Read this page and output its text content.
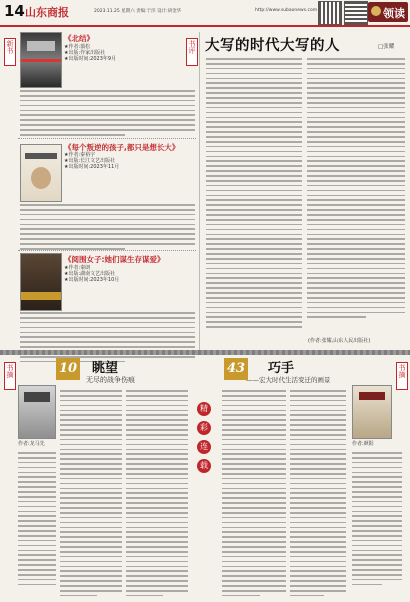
14 山东商报	2023.11.25 星期六 责编:于洋 设计:胡金华	http://www.subaonews.com	领读
新书
《北结》
★作者:翦松
★出版:作家出版社
★出版时间:2023年9月
《每个叛逆的孩子,都只是想长大》
★作者:秦裕宇
★出版:长江文艺出版社
★出版时间:2023年11月
《阅围女子:她们谋生存谋爱》
★作者:秦朗
★出版:湖南文艺出版社
★出版时间:2023年10月
书评 大写的时代大写的人	□张耀
(作者:张耀,山东人民出版社)
书摘	10 眺望
无尽的战争伤痕
作者:龙马先
精
彩
连
载
43 巧手
——宏大时代生活变迁的画景
书摘
作者:颜阳
